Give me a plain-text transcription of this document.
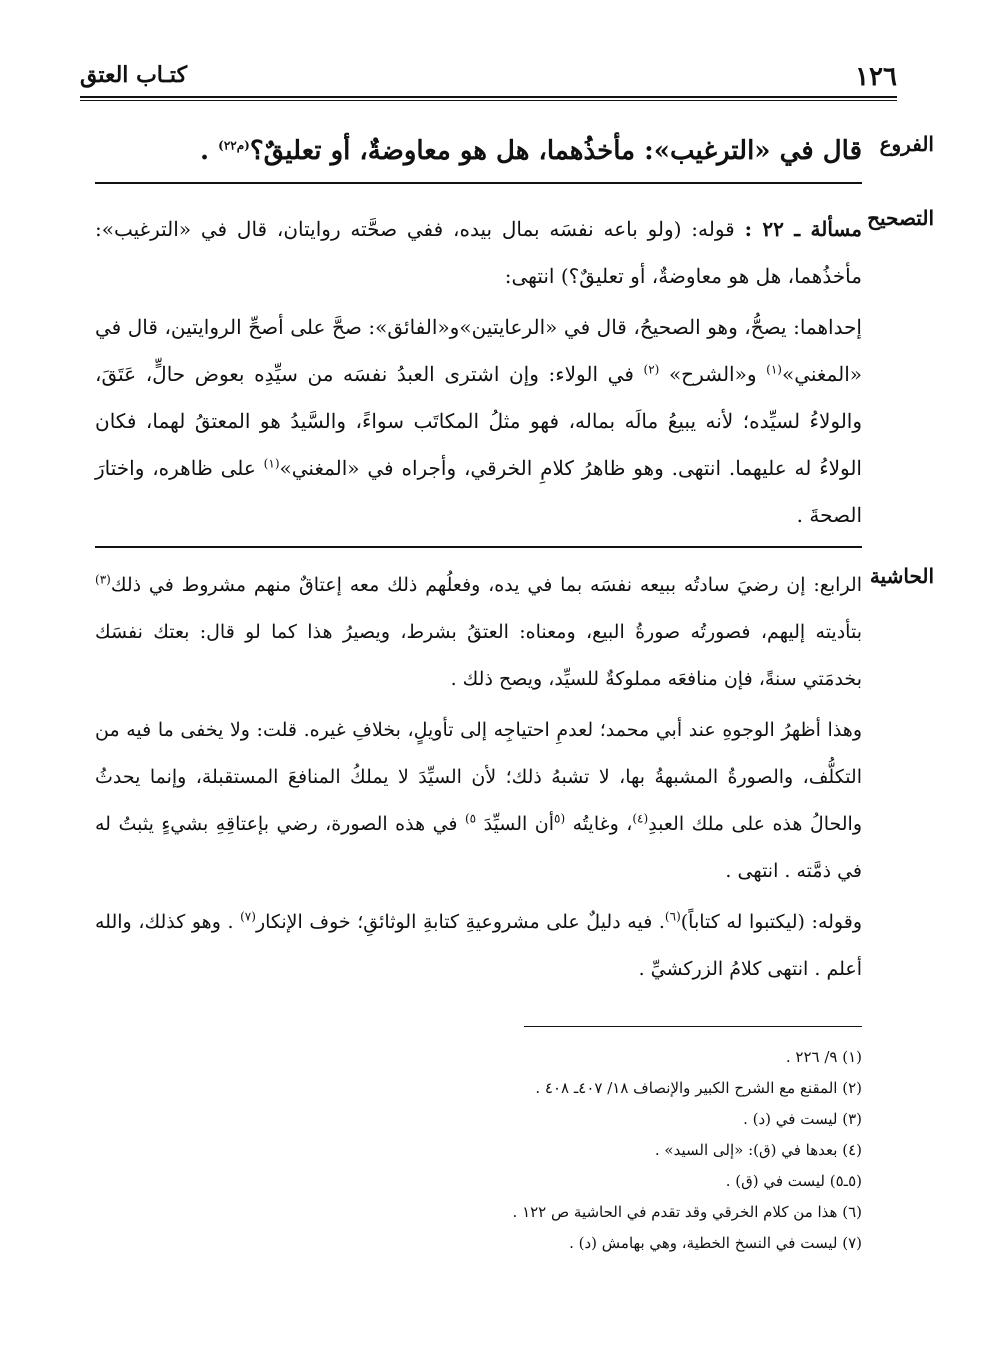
١٢٦
كتـاب العتق
الفروع
التصحيح
الحاشية
قال في «الترغيب»: مأخذُهما، هل هو معاوضةٌ، أو تعليقٌ؟$^{(م٢٢)}$ .

مسألة ـ ٢٢ : قوله: (ولو باعه نفسَه بمال بيده، ففي صحَّته روايتان، قال في «الترغيب»: مأخذُهما، هل هو معاوضةٌ، أو تعليقٌ؟) انتهى:

إحداهما: يصحُّ، وهو الصحيحُ، قال في «الرعايتين»و«الفائق»: صحَّ على أصحِّ الروايتين، قال في «المغني»$^{(١)}$ و«الشرح» $^{(٢)}$ في الولاء: وإن اشترى العبدُ نفسَه من سيِّدِه بعوض حالٍّ، عَتَقَ، والولاءُ لسيِّده؛ لأنه يبيعُ مالَه بماله، فهو مثلُ المكاتَب سواءً، والسَّيدُ هو المعتقُ لهما، فكان الولاءُ له عليهما. انتهى. وهو ظاهرُ كلامِ الخرقي، وأجراه في «المغني»$^{(١)}$ على ظاهره، واختارَ الصحةَ .

الرابع: إن رضيَ سادتُه ببيعه نفسَه بما في يده، وفعلُهم ذلك معه إعتاقٌ منهم مشروط في ذلك$^{(٣)}$ بتأديته إليهم، فصورتُه صورةُ البيع، ومعناه: العتقُ بشرط، ويصيرُ هذا كما لو قال: بعتك نفسَك بخدمَتي سنةً، فإن منافعَه مملوكةٌ للسيِّد، ويصح ذلك .

وهذا أظهرُ الوجوهِ عند أبي محمد؛ لعدمِ احتياجِه إلى تأويلٍ، بخلافِ غيره. قلت: ولا يخفى ما فيه من التكلُّف، والصورةُ المشبهةُ بها، لا تشبهُ ذلك؛ لأن السيِّدَ لا يملكُ المنافعَ المستقبلة، وإنما يحدثُ والحالُ هذه على ملك العبدِ$^{(٤)}$، وغايتُه $^{(٥}$أن السيِّدَ $^{٥)}$ في هذه الصورة، رضي بإعتاقِهِ بشيءٍ يثبتُ له في ذمَّته . انتهى .

وقوله: (ليكتبوا له كتاباً)$^{(٦)}$. فيه دليلٌ على مشروعيةِ كتابةِ الوثائقِ؛ خوف الإنكار$^{(٧)}$ . وهو كذلك، والله أعلم . انتهى كلامُ الزركشيِّ .

(١) ٩/ ٢٢٦ .
(٢) المقنع مع الشرح الكبير والإنصاف ١٨/ ٤٠٧ـ ٤٠٨ .
(٣) ليست في (د) .
(٤) بعدها في (ق): «إلى السيد» .
(٥ـ٥) ليست في (ق) .
(٦) هذا من كلام الخرقي وقد تقدم في الحاشية ص ١٢٢ .
(٧) ليست في النسخ الخطية، وهي بهامش (د) .
